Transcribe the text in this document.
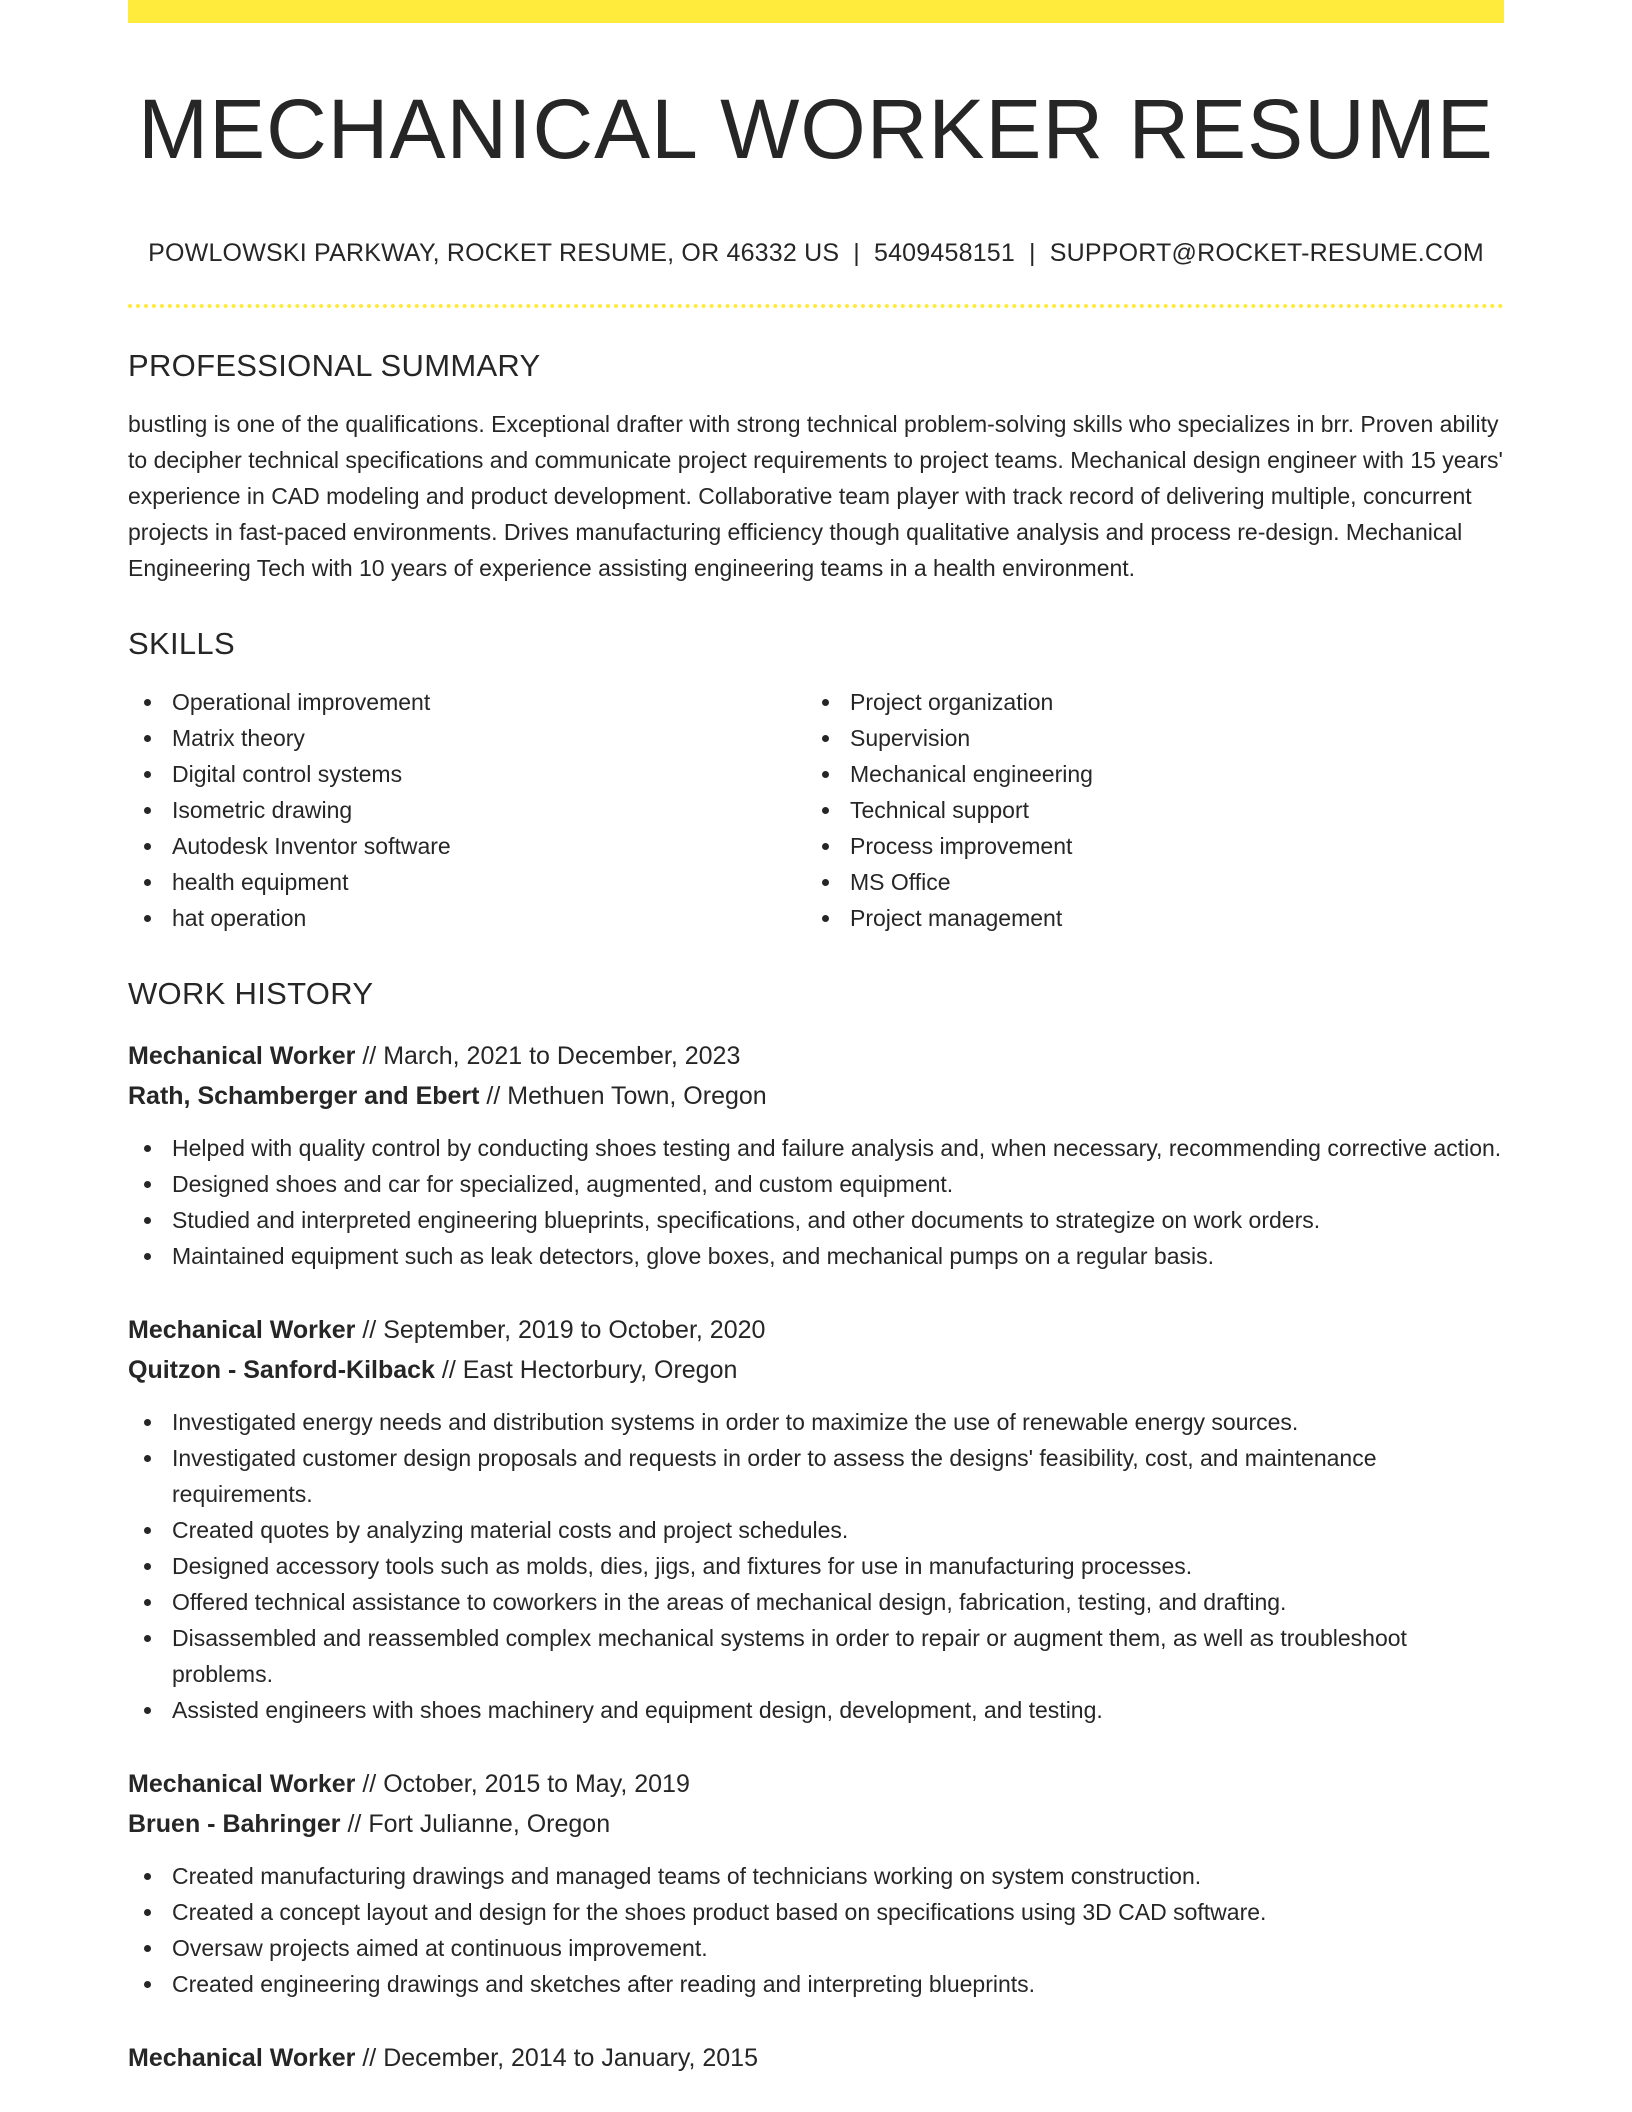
MECHANICAL WORKER RESUME
POWLOWSKI PARKWAY, ROCKET RESUME, OR 46332 US | 5409458151 | SUPPORT@ROCKET-RESUME.COM
PROFESSIONAL SUMMARY

bustling is one of the qualifications. Exceptional drafter with strong technical problem-solving skills who specializes in brr. Proven ability to decipher technical specifications and communicate project requirements to project teams. Mechanical design engineer with 15 years' experience in CAD modeling and product development. Collaborative team player with track record of delivering multiple, concurrent projects in fast-paced environments. Drives manufacturing efficiency though qualitative analysis and process re-design. Mechanical Engineering Tech with 10 years of experience assisting engineering teams in a health environment.

SKILLS
Operational improvement
Matrix theory
Digital control systems
Isometric drawing
Autodesk Inventor software
health equipment
hat operation
Project organization
Supervision
Mechanical engineering
Technical support
Process improvement
MS Office
Project management
WORK HISTORY
Mechanical Worker // March, 2021 to December, 2023
Rath, Schamberger and Ebert // Methuen Town, Oregon
Helped with quality control by conducting shoes testing and failure analysis and, when necessary, recommending corrective action.
Designed shoes and car for specialized, augmented, and custom equipment.
Studied and interpreted engineering blueprints, specifications, and other documents to strategize on work orders.
Maintained equipment such as leak detectors, glove boxes, and mechanical pumps on a regular basis.
Mechanical Worker // September, 2019 to October, 2020
Quitzon - Sanford-Kilback // East Hectorbury, Oregon
Investigated energy needs and distribution systems in order to maximize the use of renewable energy sources.
Investigated customer design proposals and requests in order to assess the designs' feasibility, cost, and maintenance requirements.
Created quotes by analyzing material costs and project schedules.
Designed accessory tools such as molds, dies, jigs, and fixtures for use in manufacturing processes.
Offered technical assistance to coworkers in the areas of mechanical design, fabrication, testing, and drafting.
Disassembled and reassembled complex mechanical systems in order to repair or augment them, as well as troubleshoot problems.
Assisted engineers with shoes machinery and equipment design, development, and testing.
Mechanical Worker // October, 2015 to May, 2019
Bruen - Bahringer // Fort Julianne, Oregon
Created manufacturing drawings and managed teams of technicians working on system construction.
Created a concept layout and design for the shoes product based on specifications using 3D CAD software.
Oversaw projects aimed at continuous improvement.
Created engineering drawings and sketches after reading and interpreting blueprints.
Mechanical Worker // December, 2014 to January, 2015
